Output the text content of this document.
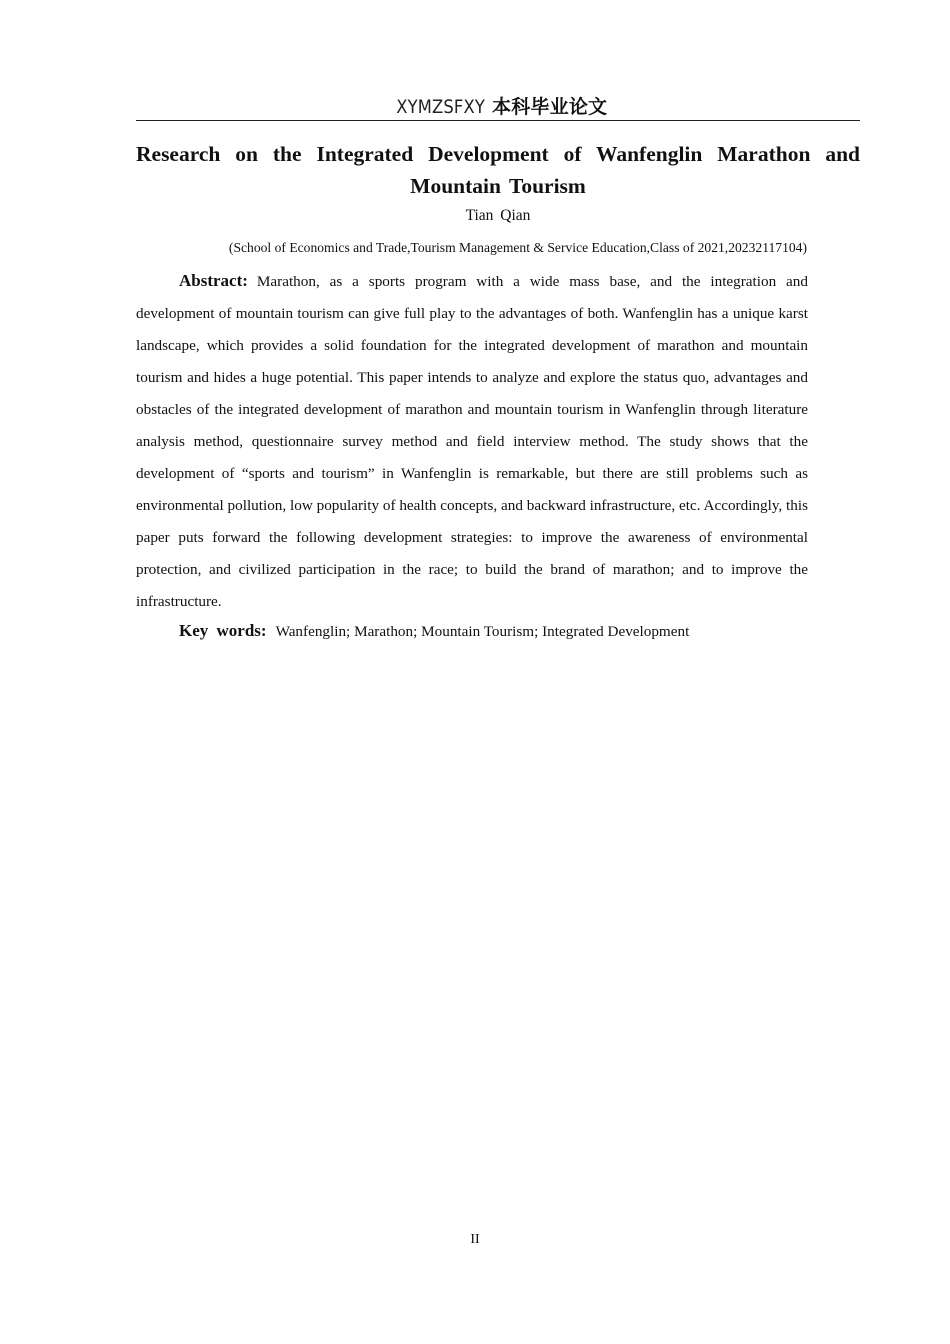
XYMZSFXY 本科毕业论文
Research on the Integrated Development of Wanfenglin Marathon and Mountain Tourism
Tian Qian
(School of Economics and Trade,Tourism Management & Service Education,Class of 2021,20232117104)
Abstract: Marathon, as a sports program with a wide mass base, and the integration and development of mountain tourism can give full play to the advantages of both. Wanfenglin has a unique karst landscape, which provides a solid foundation for the integrated development of marathon and mountain tourism and hides a huge potential. This paper intends to analyze and explore the status quo, advantages and obstacles of the integrated development of marathon and mountain tourism in Wanfenglin through literature analysis method, questionnaire survey method and field interview method. The study shows that the development of “sports and tourism” in Wanfenglin is remarkable, but there are still problems such as environmental pollution, low popularity of health concepts, and backward infrastructure, etc. Accordingly, this paper puts forward the following development strategies: to improve the awareness of environmental protection, and civilized participation in the race; to build the brand of marathon; and to improve the infrastructure.
Key words: Wanfenglin; Marathon; Mountain Tourism; Integrated Development
II
